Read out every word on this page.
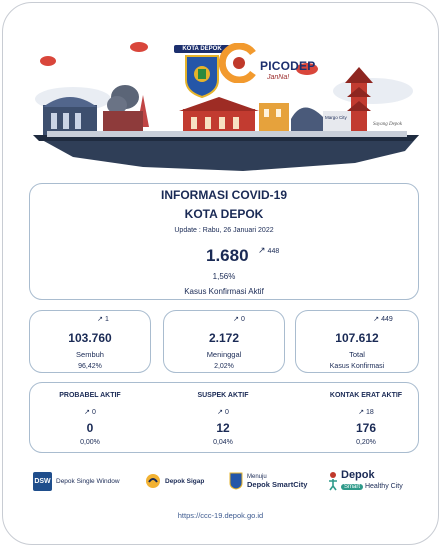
Margo City
Sayang Depok
KOTA DEPOK
PICODEP
JanNa!
INFORMASI COVID-19
KOTA DEPOK
Update : Rabu, 26 Januari 2022
1.680 ↗ 448
1,56%
Kasus Konfirmasi Aktif
↗ 1
103.760
Sembuh
96,42%
↗ 0
2.172
Meninggal
2,02%
↗ 449
107.612
Total
Kasus Konfirmasi
PROBABEL AKTIF
↗ 0
0
0,00%
SUSPEK AKTIF
↗ 0
12
0,04%
KONTAK ERAT AKTIF
↗ 18
176
0,20%
DSW Depok Single Window	Depok Sigap
Menuju
Depok SmartCity
Depok
Smart Healthy City
https://ccc-19.depok.go.id
